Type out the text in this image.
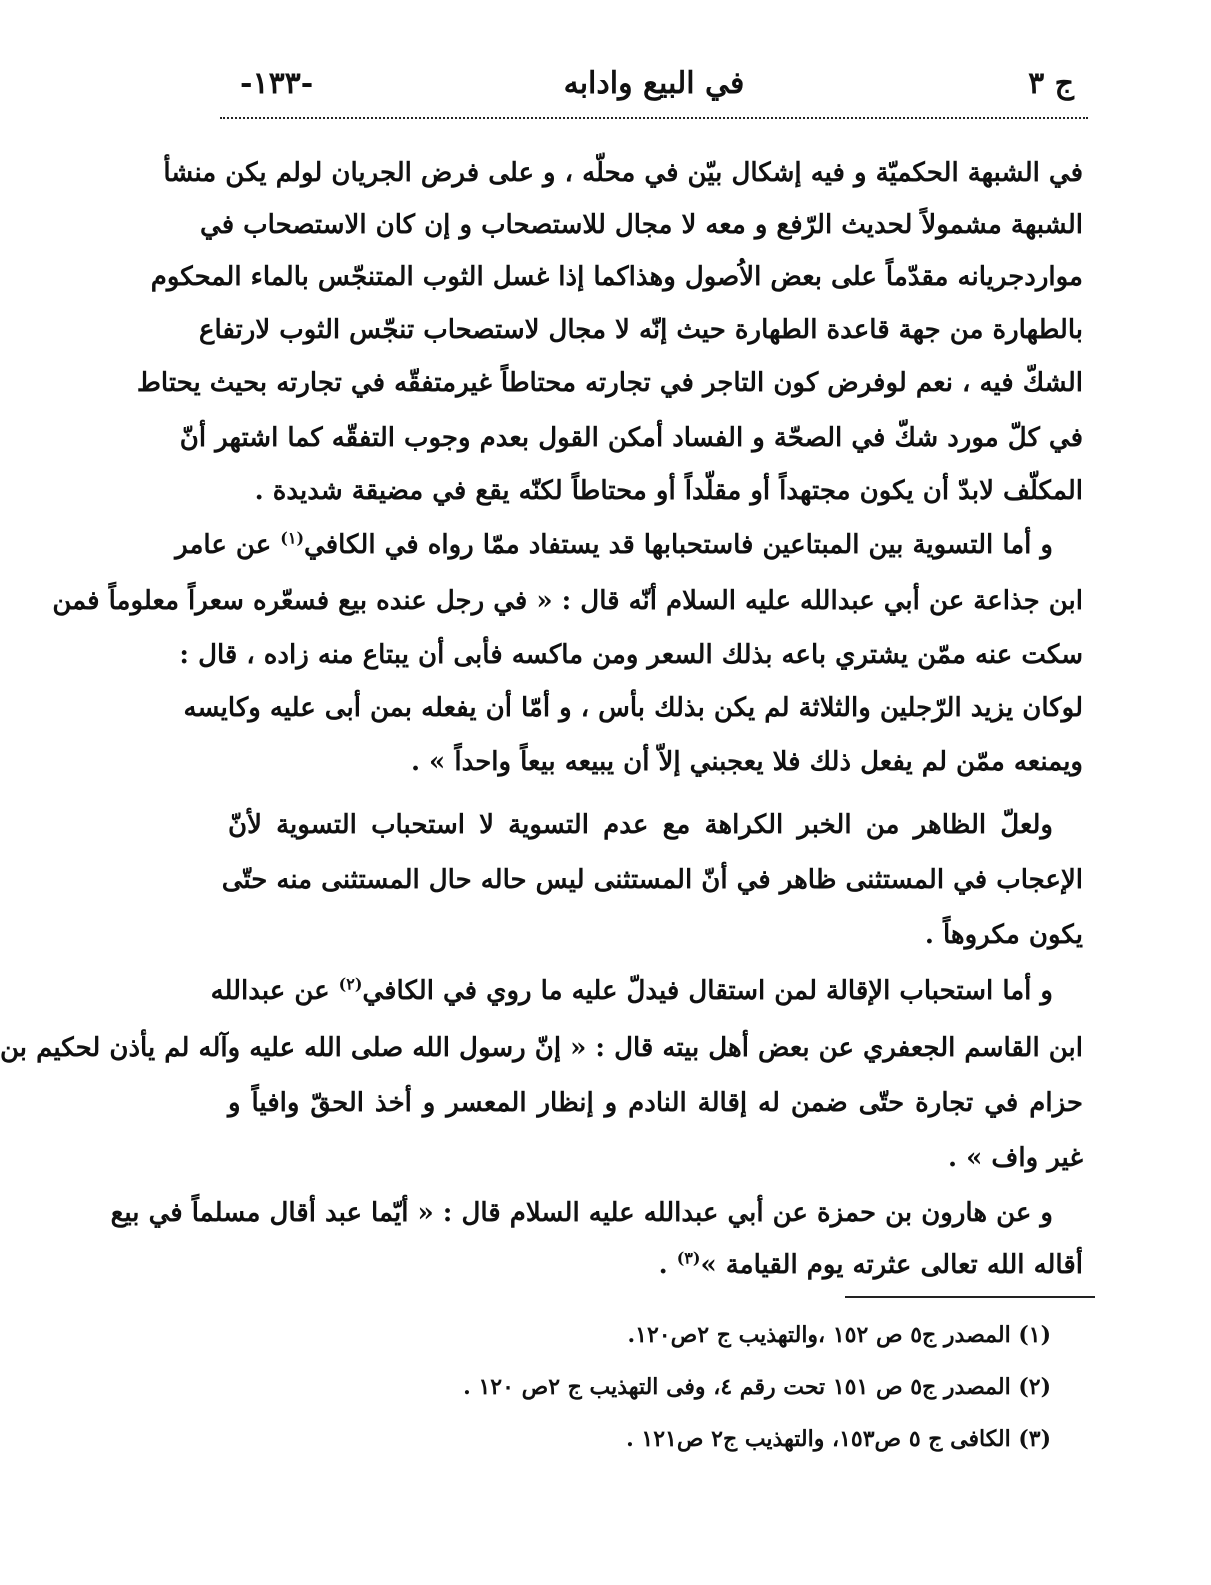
-١٣٣-	في البيع وادابه	ج ٣
في الشبهة الحكميّة و فيه إشكال بيّن في محلّه ، و على فرض الجريان لولم يكن منشأ
الشبهة مشمولاً لحديث الرّفع و معه لا مجال للاستصحاب و إن كان الاستصحاب في
مواردجريانه مقدّماً على بعض الاُصول وهذاكما إذا غسل الثوب المتنجّس بالماء المحكوم
بالطهارة من جهة قاعدة الطهارة حيث إنّه لا مجال لاستصحاب تنجّس الثوب لارتفاع
الشكّ فيه ، نعم لوفرض كون التاجر في تجارته محتاطاً غيرمتفقّه في تجارته بحيث يحتاط
في كلّ مورد شكّ في الصحّة و الفساد أمكن القول بعدم وجوب التفقّه كما اشتهر أنّ
المكلّف لابدّ أن يكون مجتهداً أو مقلّداً أو محتاطاً لكنّه يقع في مضيقة شديدة .
و أما التسوية بين المبتاعين فاستحبابها قد يستفاد ممّا رواه في الكافي$^{(١)}$ عن عامر
ابن جذاعة عن أبي عبدالله عليه السلام أنّه قال : « في رجل عنده بيع فسعّره سعراً معلوماً فمن
سكت عنه ممّن يشتري باعه بذلك السعر ومن ماكسه فأبى أن يبتاع منه زاده ، قال :
لوكان يزيد الرّجلين والثلاثة لم يكن بذلك بأس ، و أمّا أن يفعله بمن أبى عليه وكايسه
ويمنعه ممّن لم يفعل ذلك فلا يعجبني إلاّ أن يبيعه بيعاً واحداً » .
ولعلّ الظاهر من الخبر الكراهة مع عدم التسوية لا استحباب التسوية لأنّ
الإعجاب في المستثنى ظاهر في أنّ المستثنى ليس حاله حال المستثنى منه حتّى
يكون مكروهاً .
و أما استحباب الإقالة لمن استقال فيدلّ عليه ما روي في الكافي$^{(٢)}$ عن عبدالله
ابن القاسم الجعفري عن بعض أهل بيته قال : « إنّ رسول الله صلى الله عليه وآله لم يأذن لحكيم بن
حزام في تجارة حتّى ضمن له إقالة النادم و إنظار المعسر و أخذ الحقّ وافياً و
غير واف » .
و عن هارون بن حمزة عن أبي عبدالله عليه السلام قال : « أيّما عبد أقال مسلماً في بيع
أقاله الله تعالى عثرته يوم القيامة »$^{(٣)}$ .
(١) المصدر ج٥ ص ١٥٢ ،والتهذيب ج ٢ص١٢٠.
(٢) المصدر ج٥ ص ١٥١ تحت رقم ٤، وفى التهذيب ج ٢ص ١٢٠ .
(٣) الكافى ج ٥ ص١٥٣، والتهذيب ج٢ ص١٢١ .
